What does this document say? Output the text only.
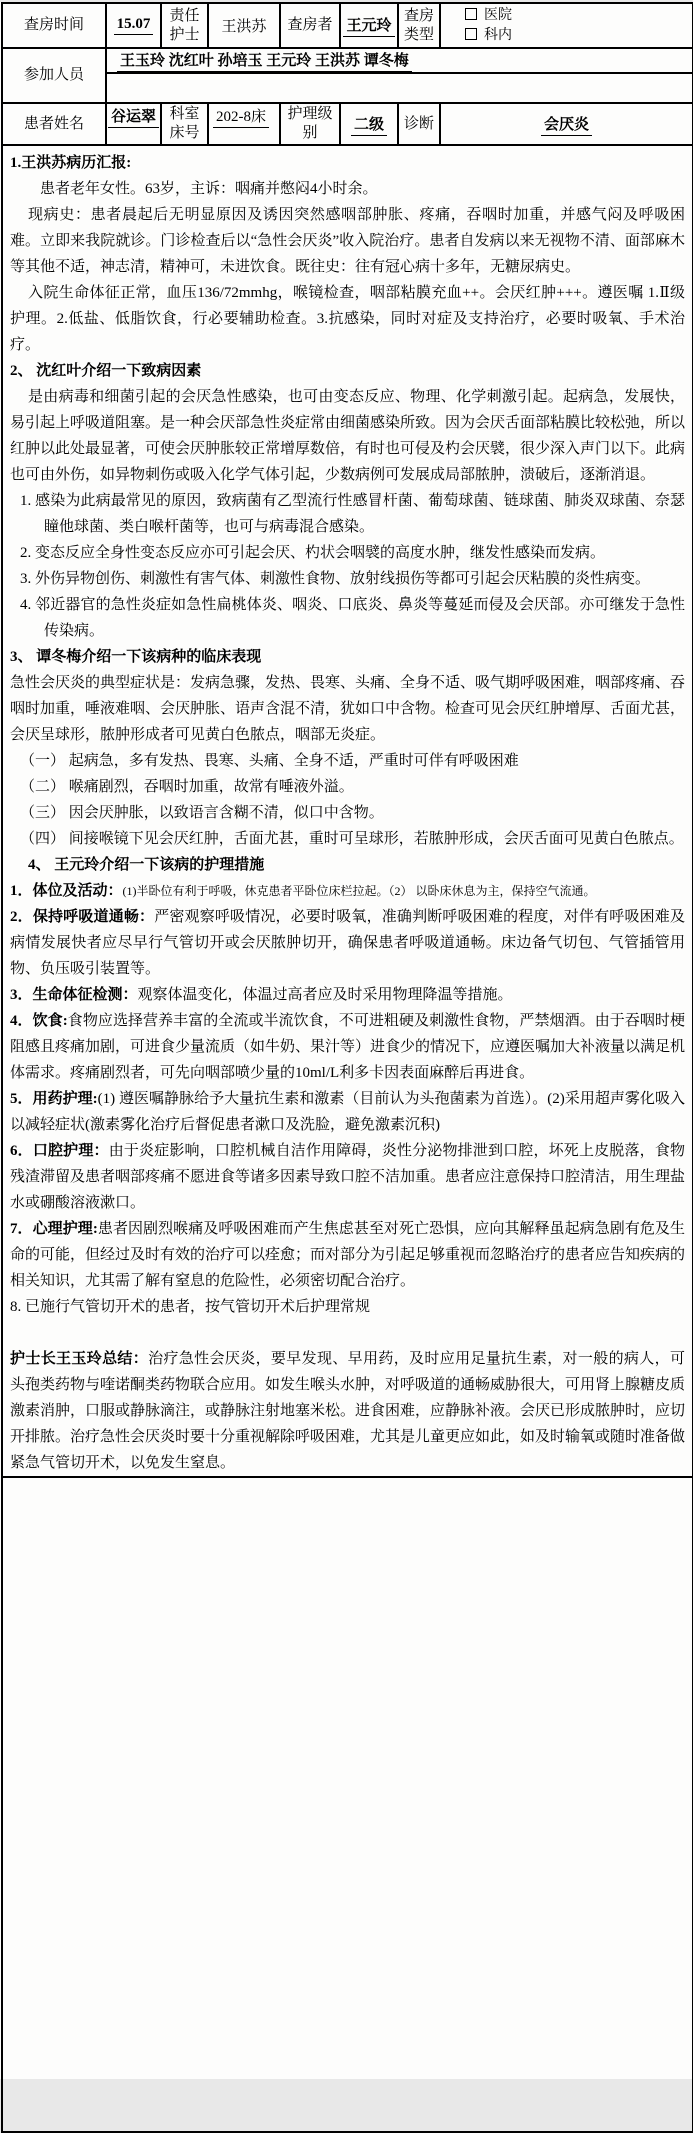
查房时间	15.07	责任护士	王洪苏	查房者	王元玲	查房类型	医院
科内

参加人员	王玉玲 沈红叶 孙培玉 王元玲 王洪苏 谭冬梅						

患者姓名	谷运翠	科室床号	202-8床	护理级别	二级	诊断	会厌炎

1.王洪苏病历汇报:

患者老年女性。63岁，主诉：咽痛并憋闷4小时余。

现病史：患者晨起后无明显原因及诱因突然感咽部肿胀、疼痛，吞咽时加重，并感气闷及呼吸困难。立即来我院就诊。门诊检查后以“急性会厌炎”收入院治疗。患者自发病以来无视物不清、面部麻木等其他不适，神志清，精神可，未进饮食。既往史：往有冠心病十多年，无糖尿病史。

入院生命体征正常，血压136/72mmhg，喉镜检查，咽部粘膜充血++。会厌红肿+++。遵医嘱 1.Ⅱ级护理。2.低盐、低脂饮食，行必要辅助检查。3.抗感染，同时对症及支持治疗，必要时吸氧、手术治疗。

2、 沈红叶介绍一下致病因素

是由病毒和细菌引起的会厌急性感染，也可由变态反应、物理、化学刺激引起。起病急，发展快，易引起上呼吸道阻塞。是一种会厌部急性炎症常由细菌感染所致。因为会厌舌面部粘膜比较松弛，所以红肿以此处最显著，可使会厌肿胀较正常增厚数倍，有时也可侵及杓会厌襞，很少深入声门以下。此病也可由外伤，如异物刺伤或吸入化学气体引起，少数病例可发展成局部脓肿，溃破后，逐渐消退。

1. 感染为此病最常见的原因，致病菌有乙型流行性感冒杆菌、葡萄球菌、链球菌、肺炎双球菌、奈瑟瞳他球菌、类白喉杆菌等，也可与病毒混合感染。

2. 变态反应全身性变态反应亦可引起会厌、杓状会咽襞的高度水肿，继发性感染而发病。

3. 外伤异物创伤、刺激性有害气体、刺激性食物、放射线损伤等都可引起会厌粘膜的炎性病变。

4. 邻近器官的急性炎症如急性扁桃体炎、咽炎、口底炎、鼻炎等蔓延而侵及会厌部。亦可继发于急性传染病。

3、 谭冬梅介绍一下该病种的临床表现

急性会厌炎的典型症状是：发病急骤，发热、畏寒、头痛、全身不适、吸气期呼吸困难，咽部疼痛、吞咽时加重，唾液难咽、会厌肿胀、语声含混不清，犹如口中含物。检查可见会厌红肿增厚、舌面尤甚，会厌呈球形，脓肿形成者可见黄白色脓点，咽部无炎症。

（一） 起病急，多有发热、畏寒、头痛、全身不适，严重时可伴有呼吸困难

（二） 喉痛剧烈，吞咽时加重，故常有唾液外溢。

（三） 因会厌肿胀，以致语言含糊不清，似口中含物。

（四） 间接喉镜下见会厌红肿，舌面尤甚，重时可呈球形，若脓肿形成，会厌舌面可见黄白色脓点。

4、 王元玲介绍一下该病的护理措施

1．体位及活动：(1)半卧位有利于呼吸，休克患者平卧位床栏拉起。（2） 以卧床休息为主，保持空气流通。

2．保持呼吸道通畅：严密观察呼吸情况，必要时吸氧，准确判断呼吸困难的程度，对伴有呼吸困难及病情发展快者应尽早行气管切开或会厌脓肿切开，确保患者呼吸道通畅。床边备气切包、气管插管用物、负压吸引装置等。

3．生命体征检测：观察体温变化，体温过高者应及时采用物理降温等措施。

4．饮食:食物应选择营养丰富的全流或半流饮食，不可进粗硬及刺激性食物，严禁烟酒。由于吞咽时梗阻感且疼痛加剧，可进食少量流质（如牛奶、果汁等）进食少的情况下，应遵医嘱加大补液量以满足机体需求。疼痛剧烈者，可先向咽部喷少量的10ml/L利多卡因表面麻醉后再进食。

5．用药护理:(1) 遵医嘱静脉给予大量抗生素和激素（目前认为头孢菌素为首选）。(2)采用超声雾化吸入以减轻症状(激素雾化治疗后督促患者漱口及洗脸，避免激素沉积)

6．口腔护理：由于炎症影响，口腔机械自洁作用障碍，炎性分泌物排泄到口腔，坏死上皮脱落，食物残渣滞留及患者咽部疼痛不愿进食等诸多因素导致口腔不洁加重。患者应注意保持口腔清洁，用生理盐水或硼酸溶液漱口。

7．心理护理:患者因剧烈喉痛及呼吸困难而产生焦虑甚至对死亡恐惧，应向其解释虽起病急剧有危及生命的可能，但经过及时有效的治疗可以痊愈；而对部分为引起足够重视而忽略治疗的患者应告知疾病的相关知识，尤其需了解有窒息的危险性，必须密切配合治疗。

8. 已施行气管切开术的患者，按气管切开术后护理常规

护士长王玉玲总结：治疗急性会厌炎，要早发现、早用药，及时应用足量抗生素，对一般的病人，可头孢类药物与喹诺酮类药物联合应用。如发生喉头水肿，对呼吸道的通畅威胁很大，可用肾上腺糖皮质激素消肿，口服或静脉滴注，或静脉注射地塞米松。进食困难，应静脉补液。会厌已形成脓肿时，应切开排脓。治疗急性会厌炎时要十分重视解除呼吸困难，尤其是儿童更应如此，如及时输氧或随时准备做紧急气管切开术，以免发生窒息。
